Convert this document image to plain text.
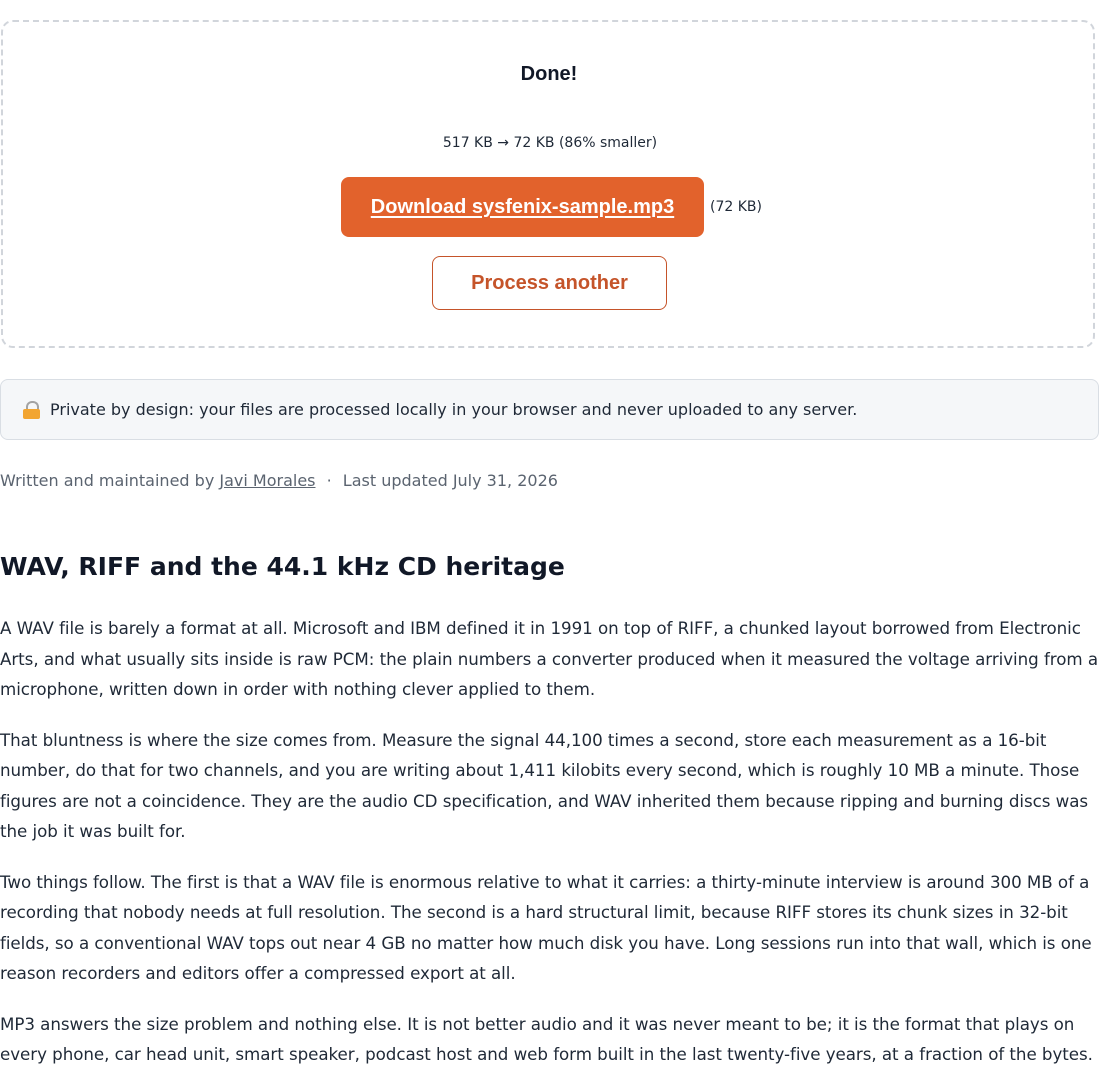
Done!
517 KB → 72 KB (86% smaller)
Download sysfenix-sample.mp3	(72 KB)
Process another
Private by design: your files are processed locally in your browser and never uploaded to any server.
Written and maintained by Javi Morales · Last updated July 31, 2026
WAV, RIFF and the 44.1 kHz CD heritage

A WAV file is barely a format at all. Microsoft and IBM defined it in 1991 on top of RIFF, a chunked layout borrowed from Electronic Arts, and what usually sits inside is raw PCM: the plain numbers a converter produced when it measured the voltage arriving from a microphone, written down in order with nothing clever applied to them.

That bluntness is where the size comes from. Measure the signal 44,100 times a second, store each measurement as a 16-bit number, do that for two channels, and you are writing about 1,411 kilobits every second, which is roughly 10 MB a minute. Those figures are not a coincidence. They are the audio CD specification, and WAV inherited them because ripping and burning discs was the job it was built for.

Two things follow. The first is that a WAV file is enormous relative to what it carries: a thirty-minute interview is around 300 MB of a recording that nobody needs at full resolution. The second is a hard structural limit, because RIFF stores its chunk sizes in 32-bit fields, so a conventional WAV tops out near 4 GB no matter how much disk you have. Long sessions run into that wall, which is one reason recorders and editors offer a compressed export at all.

MP3 answers the size problem and nothing else. It is not better audio and it was never meant to be; it is the format that plays on every phone, car head unit, smart speaker, podcast host and web form built in the last twenty-five years, at a fraction of the bytes.
